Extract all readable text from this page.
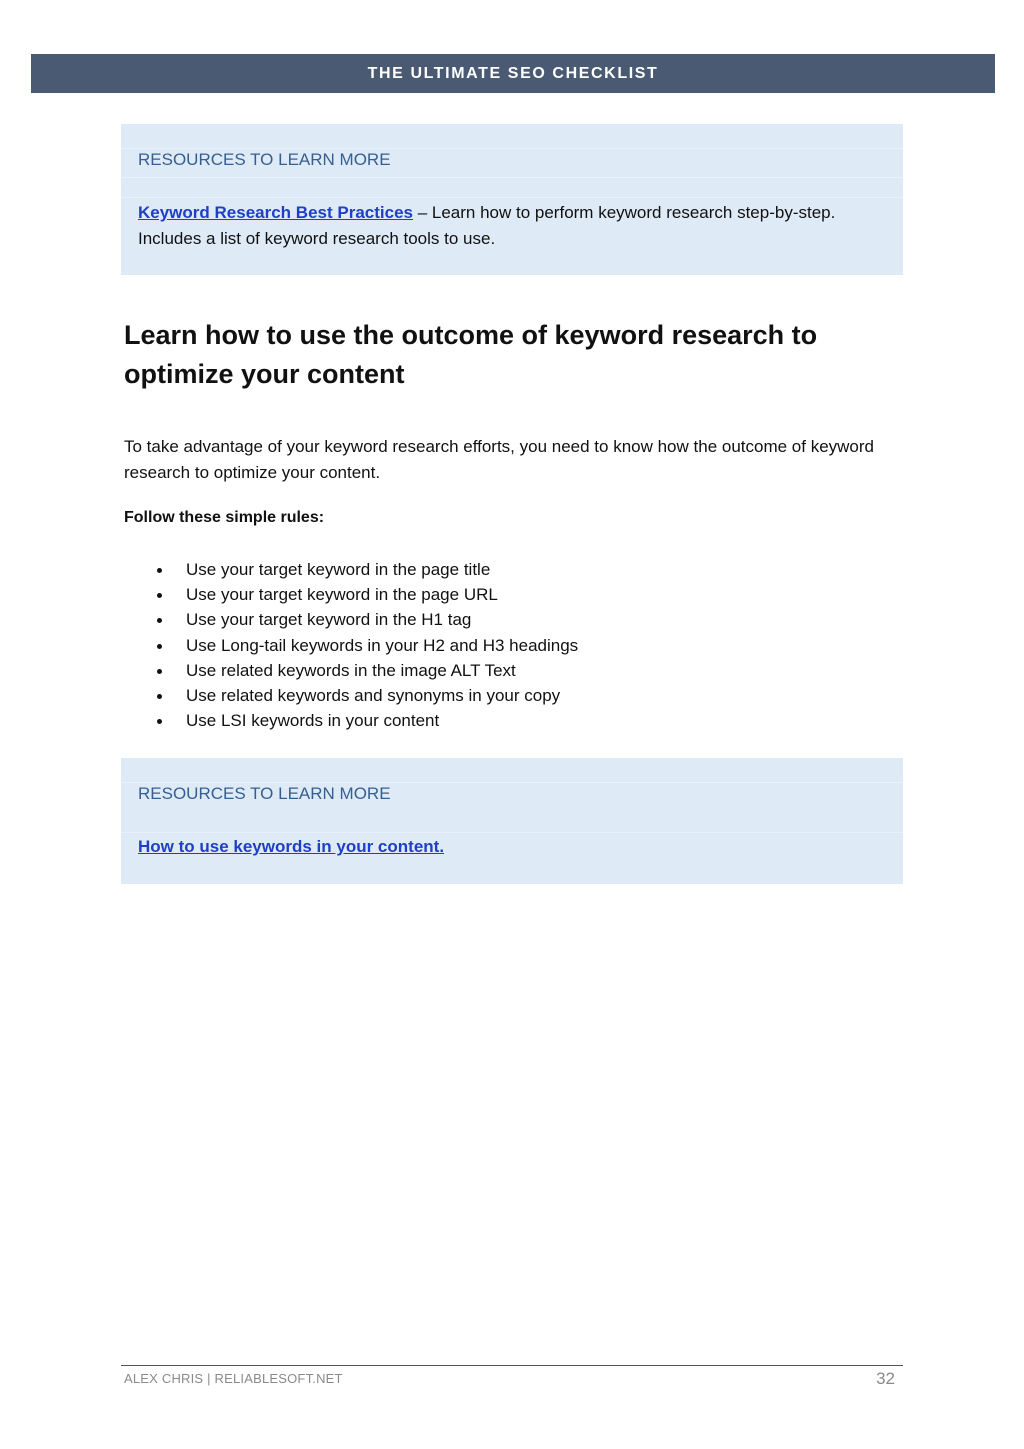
THE ULTIMATE SEO CHECKLIST
RESOURCES TO LEARN MORE
Keyword Research Best Practices – Learn how to perform keyword research step-by-step. Includes a list of keyword research tools to use.
Learn how to use the outcome of keyword research to optimize your content

To take advantage of your keyword research efforts, you need to know how the outcome of keyword research to optimize your content.

Follow these simple rules:

Use your target keyword in the page title
Use your target keyword in the page URL
Use your target keyword in the H1 tag
Use Long-tail keywords in your H2 and H3 headings
Use related keywords in the image ALT Text
Use related keywords and synonyms in your copy
Use LSI keywords in your content
RESOURCES TO LEARN MORE
How to use keywords in your content.
ALEX CHRIS | RELIABLESOFT.NET	32
